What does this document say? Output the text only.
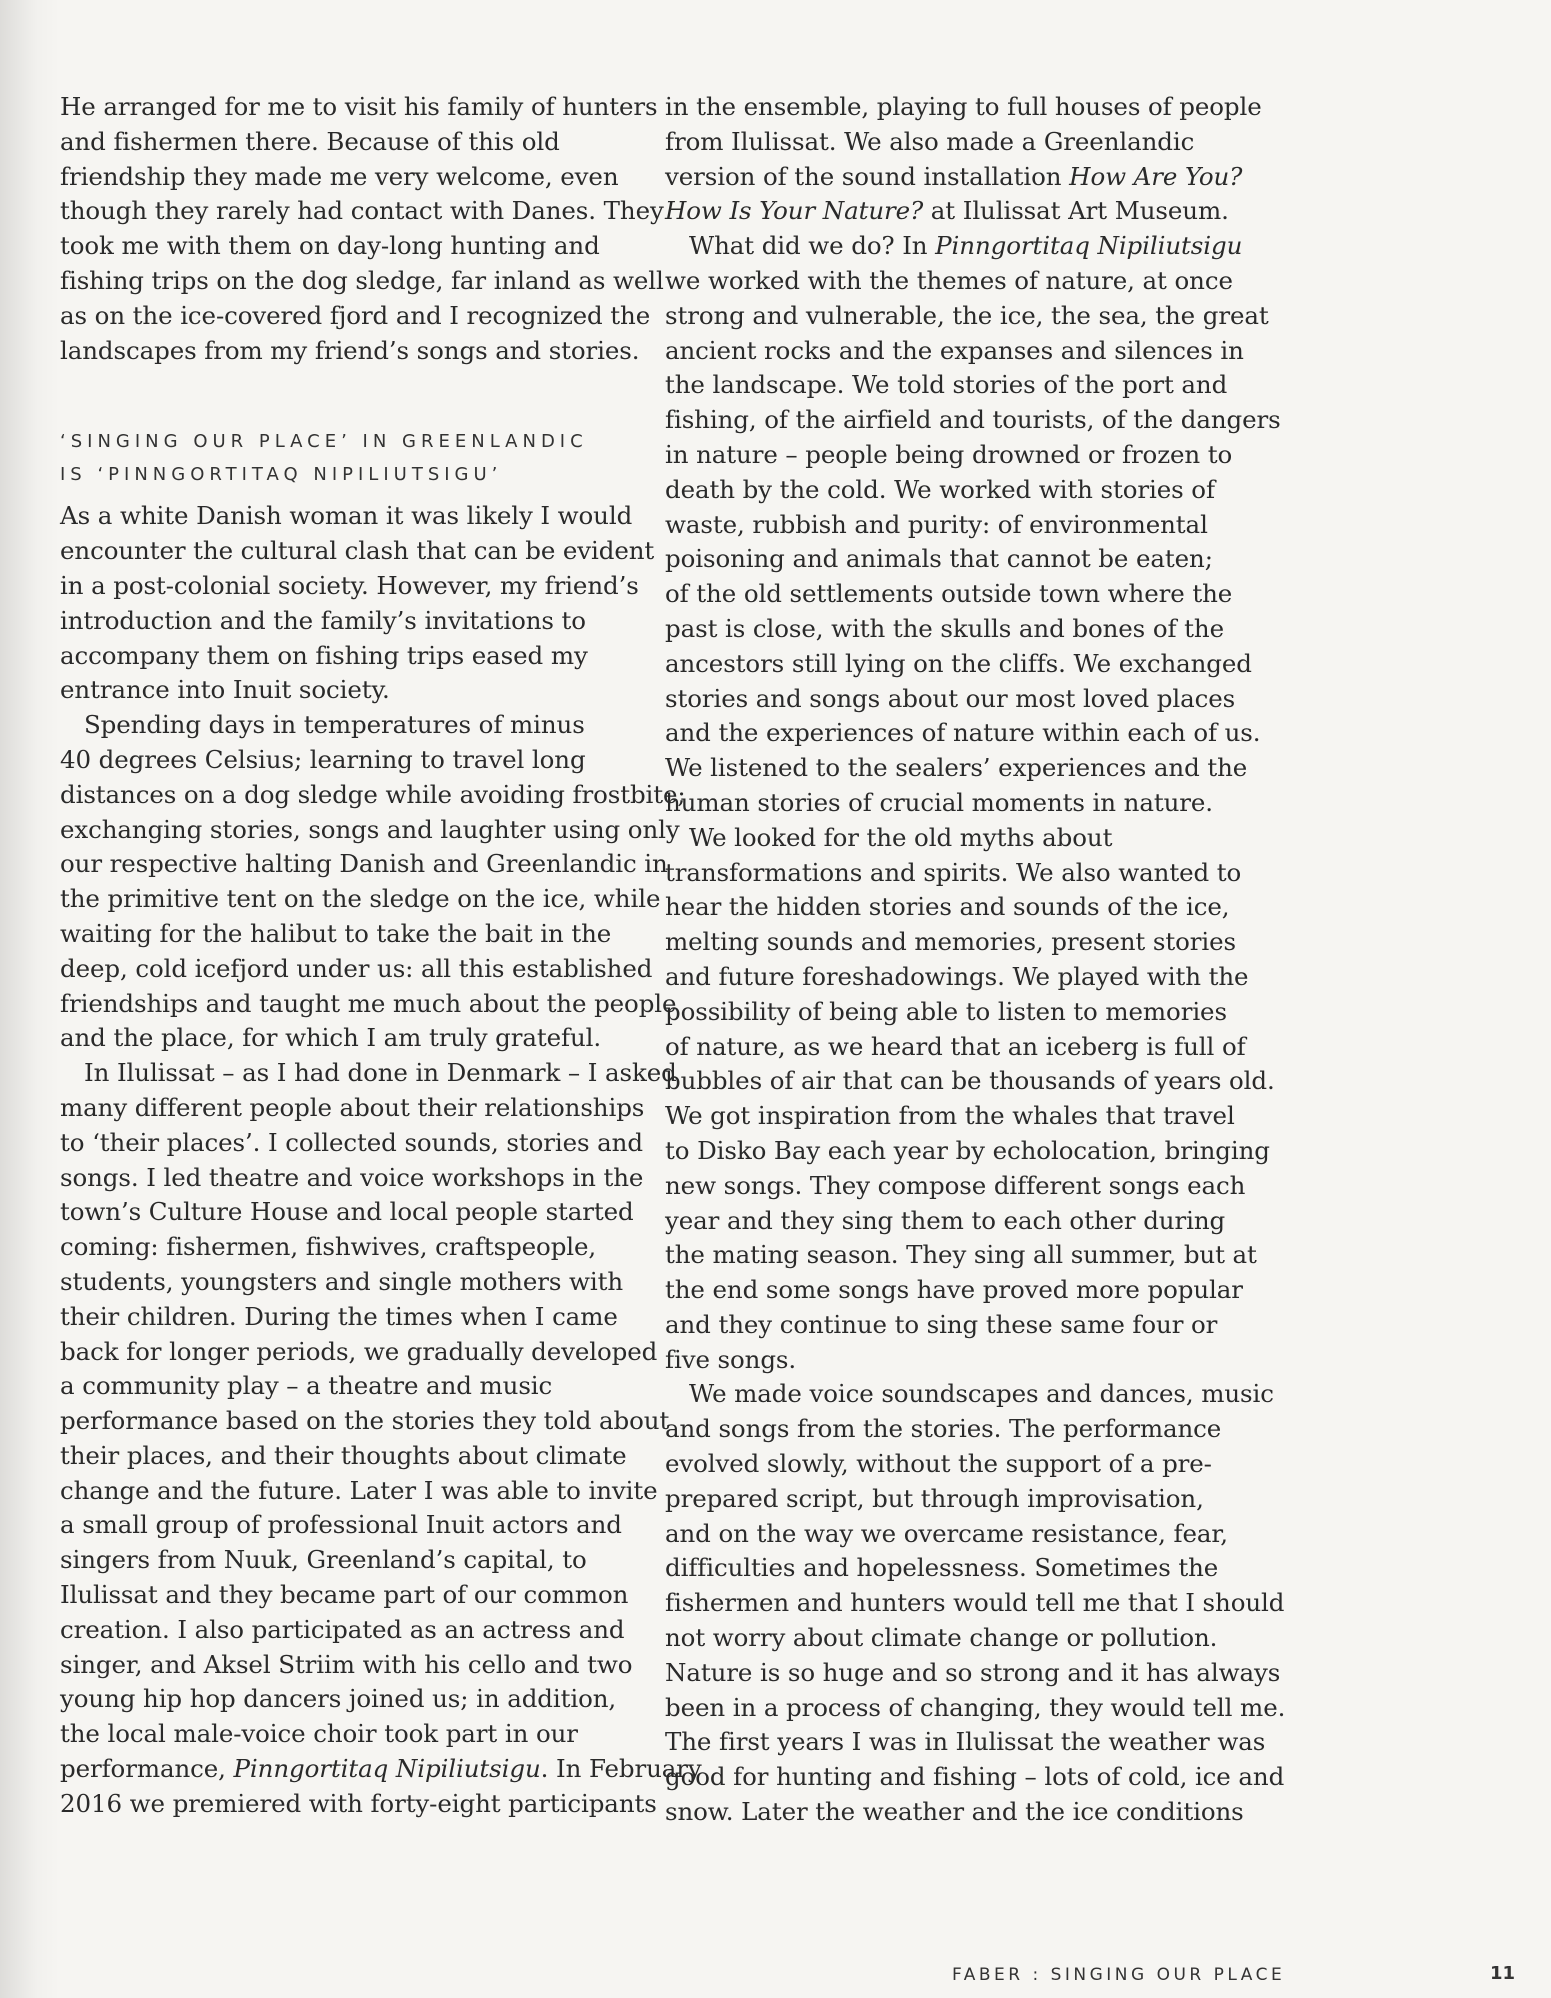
He arranged for me to visit his family of hunters
and fishermen there. Because of this old
friendship they made me very welcome, even
though they rarely had contact with Danes. They
took me with them on day-long hunting and
fishing trips on the dog sledge, far inland as well
as on the ice-covered fjord and I recognized the
landscapes from my friend’s songs and stories.
‘SINGING OUR PLACE’ IN GREENLANDIC
IS ‘PINNGORTITAQ NIPILIUTSIGU’
As a white Danish woman it was likely I would
encounter the cultural clash that can be evident
in a post-colonial society. However, my friend’s
introduction and the family’s invitations to
accompany them on fishing trips eased my
entrance into Inuit society.
Spending days in temperatures of minus
40 degrees Celsius; learning to travel long
distances on a dog sledge while avoiding frostbite;
exchanging stories, songs and laughter using only
our respective halting Danish and Greenlandic in
the primitive tent on the sledge on the ice, while
waiting for the halibut to take the bait in the
deep, cold icefjord under us: all this established
friendships and taught me much about the people
and the place, for which I am truly grateful.
In Ilulissat – as I had done in Denmark – I asked
many different people about their relationships
to ‘their places’. I collected sounds, stories and
songs. I led theatre and voice workshops in the
town’s Culture House and local people started
coming: fishermen, fishwives, craftspeople,
students, youngsters and single mothers with
their children. During the times when I came
back for longer periods, we gradually developed
a community play – a theatre and music
performance based on the stories they told about
their places, and their thoughts about climate
change and the future. Later I was able to invite
a small group of professional Inuit actors and
singers from Nuuk, Greenland’s capital, to
Ilulissat and they became part of our common
creation. I also participated as an actress and
singer, and Aksel Striim with his cello and two
young hip hop dancers joined us; in addition,
the local male-voice choir took part in our
performance, Pinngortitaq Nipiliutsigu. In February
2016 we premiered with forty-eight participants
in the ensemble, playing to full houses of people
from Ilulissat. We also made a Greenlandic
version of the sound installation How Are You?
How Is Your Nature? at Ilulissat Art Museum.
What did we do? In Pinngortitaq Nipiliutsigu
we worked with the themes of nature, at once
strong and vulnerable, the ice, the sea, the great
ancient rocks and the expanses and silences in
the landscape. We told stories of the port and
fishing, of the airfield and tourists, of the dangers
in nature – people being drowned or frozen to
death by the cold. We worked with stories of
waste, rubbish and purity: of environmental
poisoning and animals that cannot be eaten;
of the old settlements outside town where the
past is close, with the skulls and bones of the
ancestors still lying on the cliffs. We exchanged
stories and songs about our most loved places
and the experiences of nature within each of us.
We listened to the sealers’ experiences and the
human stories of crucial moments in nature.
We looked for the old myths about
transformations and spirits. We also wanted to
hear the hidden stories and sounds of the ice,
melting sounds and memories, present stories
and future foreshadowings. We played with the
possibility of being able to listen to memories
of nature, as we heard that an iceberg is full of
bubbles of air that can be thousands of years old.
We got inspiration from the whales that travel
to Disko Bay each year by echolocation, bringing
new songs. They compose different songs each
year and they sing them to each other during
the mating season. They sing all summer, but at
the end some songs have proved more popular
and they continue to sing these same four or
five songs.
We made voice soundscapes and dances, music
and songs from the stories. The performance
evolved slowly, without the support of a pre-
prepared script, but through improvisation,
and on the way we overcame resistance, fear,
difficulties and hopelessness. Sometimes the
fishermen and hunters would tell me that I should
not worry about climate change or pollution.
Nature is so huge and so strong and it has always
been in a process of changing, they would tell me.
The first years I was in Ilulissat the weather was
good for hunting and fishing – lots of cold, ice and
snow. Later the weather and the ice conditions
FABER : SINGING OUR PLACE	11
